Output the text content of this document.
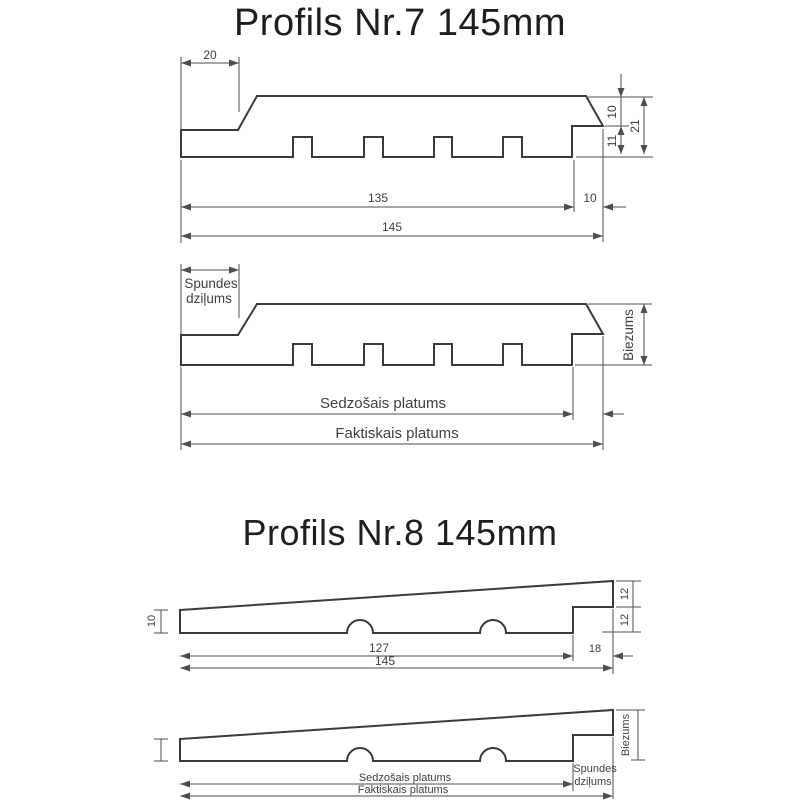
Profils Nr.7 145mm
20
10
11
21
135	10
145
Spundes
dziļums
Biezums
Sedzošais platums
Faktiskais platums
Profils Nr.8 145mm
10
12
12
127	18
145
Biezums
Spundes
dziļums
Sedzošais platums
Faktiskais platums
